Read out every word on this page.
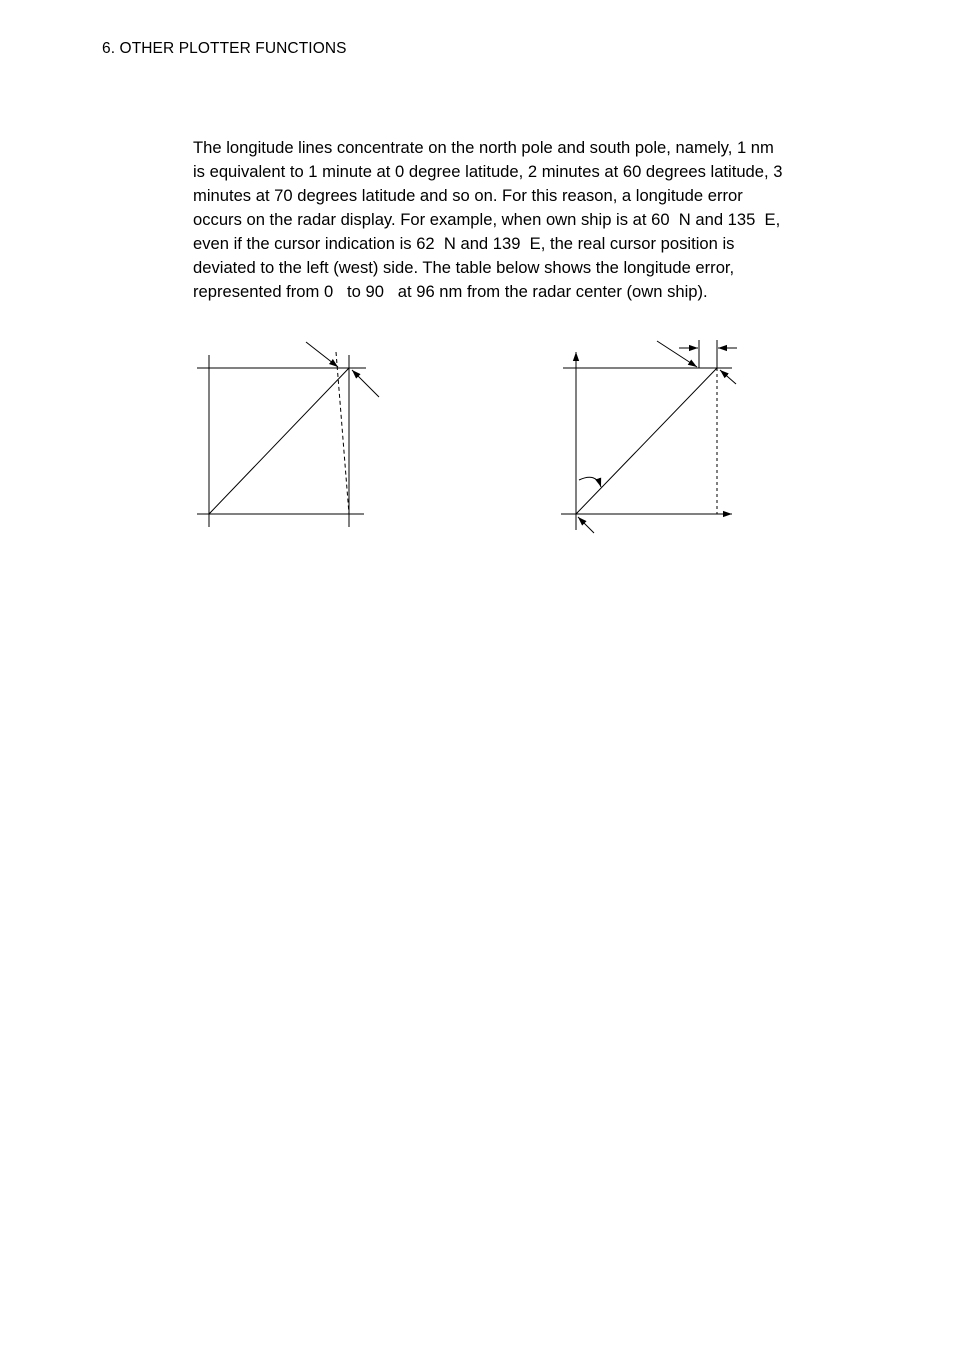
6. OTHER PLOTTER FUNCTIONS
The longitude lines concentrate on the north pole and south pole, namely, 1 nm
is equivalent to 1 minute at 0 degree latitude, 2 minutes at 60 degrees latitude, 3
minutes at 70 degrees latitude and so on. For this reason, a longitude error
occurs on the radar display. For example, when own ship is at 60  N and 135  E,
even if the cursor indication is 62  N and 139  E, the real cursor position is
deviated to the left (west) side. The table below shows the longitude error,
represented from 0   to 90   at 96 nm from the radar center (own ship).
